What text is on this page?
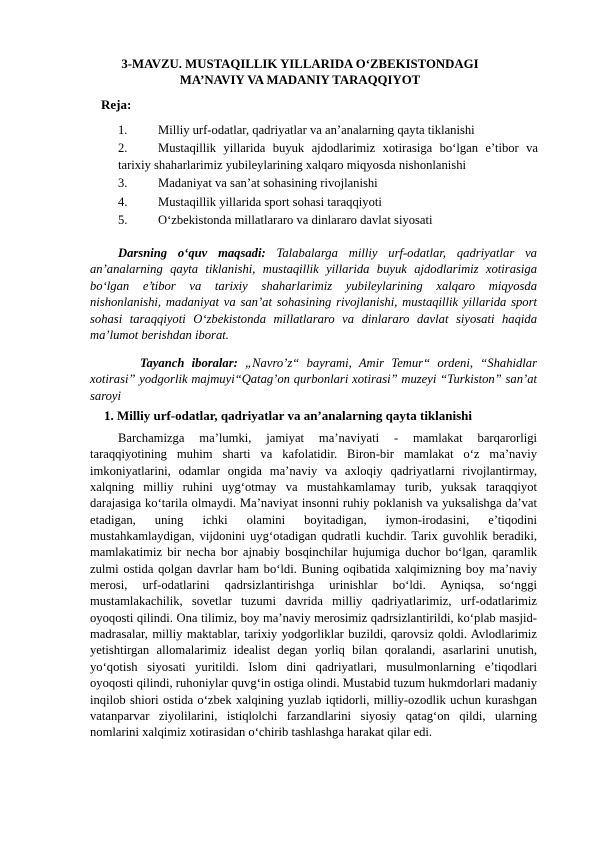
3-MAVZU. MUSTAQILLIK YILLARIDA O‘ZBEKISTONDAGI
MA’NAVIY VA MADANIY TARAQQIYOT
Reja:
1. Milliy urf-odatlar, qadriyatlar va an’analarning qayta tiklanishi
2. Mustaqillik yillarida buyuk ajdodlarimiz xotirasiga bo‘lgan e’tibor va tarixiy shaharlarimiz yubileylarining xalqaro miqyosda nishonlanishi
3. Madaniyat va san’at sohasining rivojlanishi
4. Mustaqillik yillarida sport sohasi taraqqiyoti
5. O‘zbekistonda millatlararo va dinlararo davlat siyosati
Darsning o‘quv maqsadi: Talabalarga milliy urf-odatlar, qadriyatlar va an’analarning qayta tiklanishi, mustaqillik yillarida buyuk ajdodlarimiz xotirasiga bo‘lgan e’tibor va tarixiy shaharlarimiz yubileylarining xalqaro miqyosda nishonlanishi, madaniyat va san’at sohasining rivojlanishi, mustaqillik yillarida sport sohasi taraqqiyoti O‘zbekistonda millatlararo va dinlararo davlat siyosati haqida ma’lumot berishdan iborat.
Tayanch iboralar: „Navro’z“ bayrami, Amir Temur“ ordeni, “Shahidlar xotirasi” yodgorlik majmuyi“Qatag’on qurbonlari xotirasi” muzeyi “Turkiston” san’at saroyi
1. Milliy urf-odatlar, qadriyatlar va an’analarning qayta tiklanishi
Barchamizga ma’lumki, jamiyat ma’naviyati - mamlakat barqarorligi taraqqiyotining muhim sharti va kafolatidir. Biron-bir mamlakat o‘z ma’naviy imkoniyatlarini, odamlar ongida ma’naviy va axloqiy qadriyatlarni rivojlantirmay, xalqning milliy ruhini uyg‘otmay va mustahkamlamay turib, yuksak taraqqiyot darajasiga ko‘tarila olmaydi. Ma’naviyat insonni ruhiy poklanish va yuksalishga da’vat etadigan, uning ichki olamini boyitadigan, iymon-irodasini, e’tiqodini mustahkamlaydigan, vijdonini uyg‘otadigan qudratli kuchdir. Tarix guvohlik beradiki, mamlakatimiz bir necha bor ajnabiy bosqinchilar hujumiga duchor bo‘lgan, qaramlik zulmi ostida qolgan davrlar ham bo‘ldi. Buning oqibatida xalqimizning boy ma’naviy merosi, urf-odatlarini qadrsizlantirishga urinishlar bo‘ldi. Ayniqsa, so‘nggi mustamlakachilik, sovetlar tuzumi davrida milliy qadriyatlarimiz, urf-odatlarimiz oyoqosti qilindi. Ona tilimiz, boy ma’naviy merosimiz qadrsizlantirildi, ko‘plab masjid-madrasalar, milliy maktablar, tarixiy yodgorliklar buzildi, qarovsiz qoldi. Avlodlarimiz yetishtirgan allomalarimiz idealist degan yorliq bilan qoralandi, asarlarini unutish, yo‘qotish siyosati yuritildi. Islom dini qadriyatlari, musulmonlarning e’tiqodlari oyoqosti qilindi, ruhoniylar quvg‘in ostiga olindi. Mustabid tuzum hukmdorlari madaniy inqilob shiori ostida o‘zbek xalqining yuzlab iqtidorli, milliy-ozodlik uchun kurashgan vatanparvar ziyolilarini, istiqlolchi farzandlarini siyosiy qatag‘on qildi, ularning nomlarini xalqimiz xotirasidan o‘chirib tashlashga harakat qilar edi.
